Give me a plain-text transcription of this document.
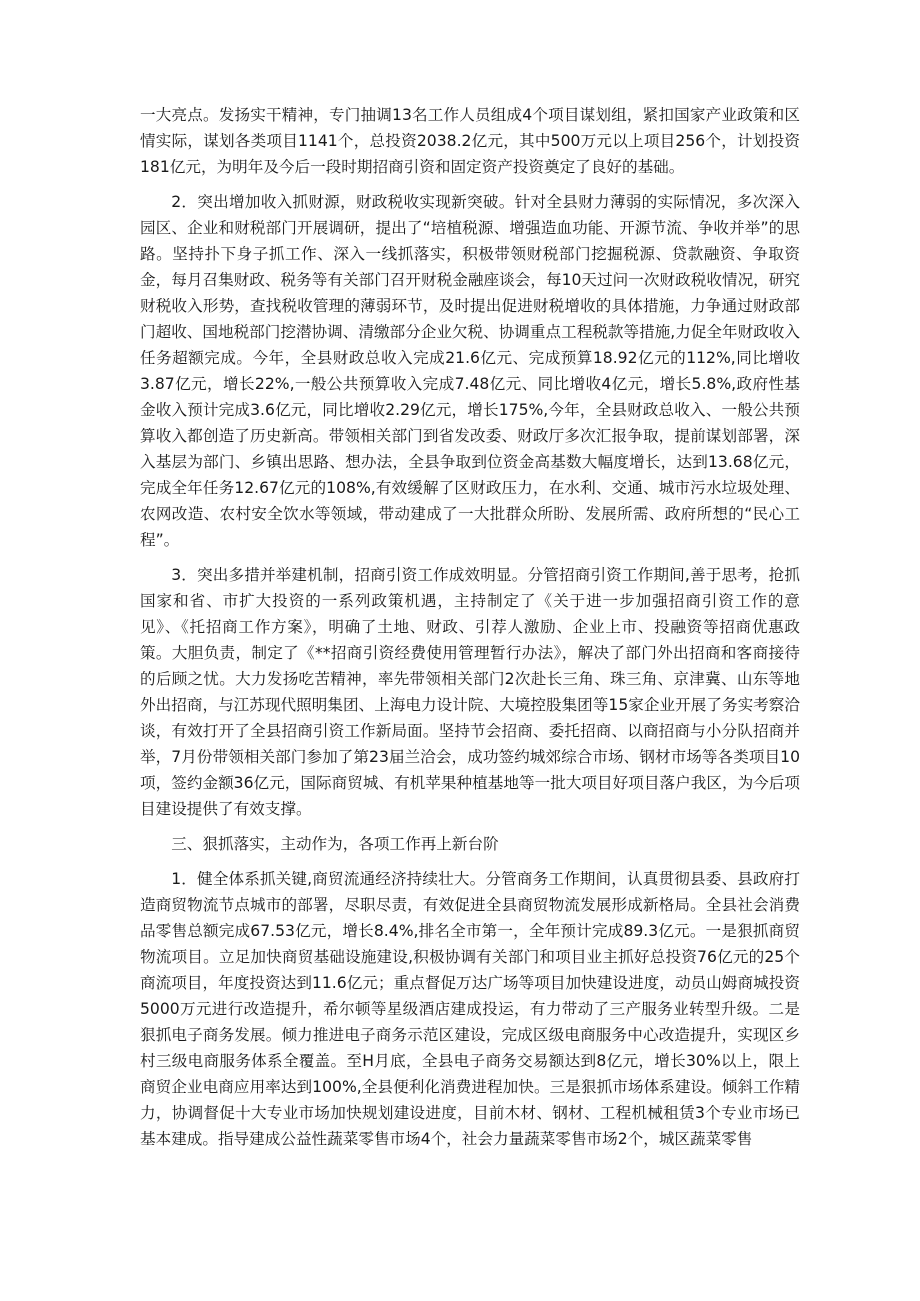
一大亮点。发扬实干精神，专门抽调13名工作人员组成4个项目谋划组，紧扣国家产业政策和区情实际，谋划各类项目1141个，总投资2038.2亿元，其中500万元以上项目256个，计划投资181亿元，为明年及今后一段时期招商引资和固定资产投资奠定了良好的基础。

2．突出增加收入抓财源，财政税收实现新突破。针对全县财力薄弱的实际情况，多次深入园区、企业和财税部门开展调研，提出了“培植税源、增强造血功能、开源节流、争收并举”的思路。坚持扑下身子抓工作、深入一线抓落实，积极带领财税部门挖掘税源、贷款融资、争取资金，每月召集财政、税务等有关部门召开财税金融座谈会，每10天过问一次财政税收情况，研究财税收入形势，查找税收管理的薄弱环节，及时提出促进财税增收的具体措施，力争通过财政部门超收、国地税部门挖潜协调、清缴部分企业欠税、协调重点工程税款等措施,力促全年财政收入任务超额完成。今年，全县财政总收入完成21.6亿元、完成预算18.92亿元的112%,同比增收3.87亿元，增长22%,一般公共预算收入完成7.48亿元、同比增收4亿元，增长5.8%,政府性基金收入预计完成3.6亿元，同比增收2.29亿元，增长175%,今年，全县财政总收入、一般公共预算收入都创造了历史新高。带领相关部门到省发改委、财政厅多次汇报争取，提前谋划部署，深入基层为部门、乡镇出思路、想办法，全县争取到位资金高基数大幅度增长，达到13.68亿元，完成全年任务12.67亿元的108%,有效缓解了区财政压力，在水利、交通、城市污水垃圾处理、农网改造、农村安全饮水等领域，带动建成了一大批群众所盼、发展所需、政府所想的“民心工程”。

3．突出多措并举建机制，招商引资工作成效明显。分管招商引资工作期间,善于思考，抢抓国家和省、市扩大投资的一系列政策机遇，主持制定了《关于进一步加强招商引资工作的意见》、《托招商工作方案》，明确了土地、财政、引荐人激励、企业上市、投融资等招商优惠政策。大胆负责，制定了《**招商引资经费使用管理暂行办法》，解决了部门外出招商和客商接待的后顾之忧。大力发扬吃苦精神，率先带领相关部门2次赴长三角、珠三角、京津冀、山东等地外出招商，与江苏现代照明集团、上海电力设计院、大境控股集团等15家企业开展了务实考察洽谈，有效打开了全县招商引资工作新局面。坚持节会招商、委托招商、以商招商与小分队招商并举，7月份带领相关部门参加了第23届兰洽会，成功签约城郊综合市场、钢材市场等各类项目10项，签约金额36亿元，国际商贸城、有机苹果种植基地等一批大项目好项目落户我区，为今后项目建设提供了有效支撑。

三、狠抓落实，主动作为，各项工作再上新台阶

1．健全体系抓关键,商贸流通经济持续壮大。分管商务工作期间，认真贯彻县委、县政府打造商贸物流节点城市的部署，尽职尽责，有效促进全县商贸物流发展形成新格局。全县社会消费品零售总额完成67.53亿元，增长8.4%,排名全市第一，全年预计完成89.3亿元。一是狠抓商贸物流项目。立足加快商贸基础设施建设,积极协调有关部门和项目业主抓好总投资76亿元的25个商流项目，年度投资达到11.6亿元；重点督促万达广场等项目加快建设进度，动员山姆商城投资5000万元进行改造提升，希尔顿等星级酒店建成投运，有力带动了三产服务业转型升级。二是狠抓电子商务发展。倾力推进电子商务示范区建设，完成区级电商服务中心改造提升，实现区乡村三级电商服务体系全覆盖。至H月底，全县电子商务交易额达到8亿元，增长30%以上，限上商贸企业电商应用率达到100%,全县便利化消费进程加快。三是狠抓市场体系建设。倾斜工作精力，协调督促十大专业市场加快规划建设进度，目前木材、钢材、工程机械租赁3个专业市场已基本建成。指导建成公益性蔬菜零售市场4个，社会力量蔬菜零售市场2个，城区蔬菜零售
